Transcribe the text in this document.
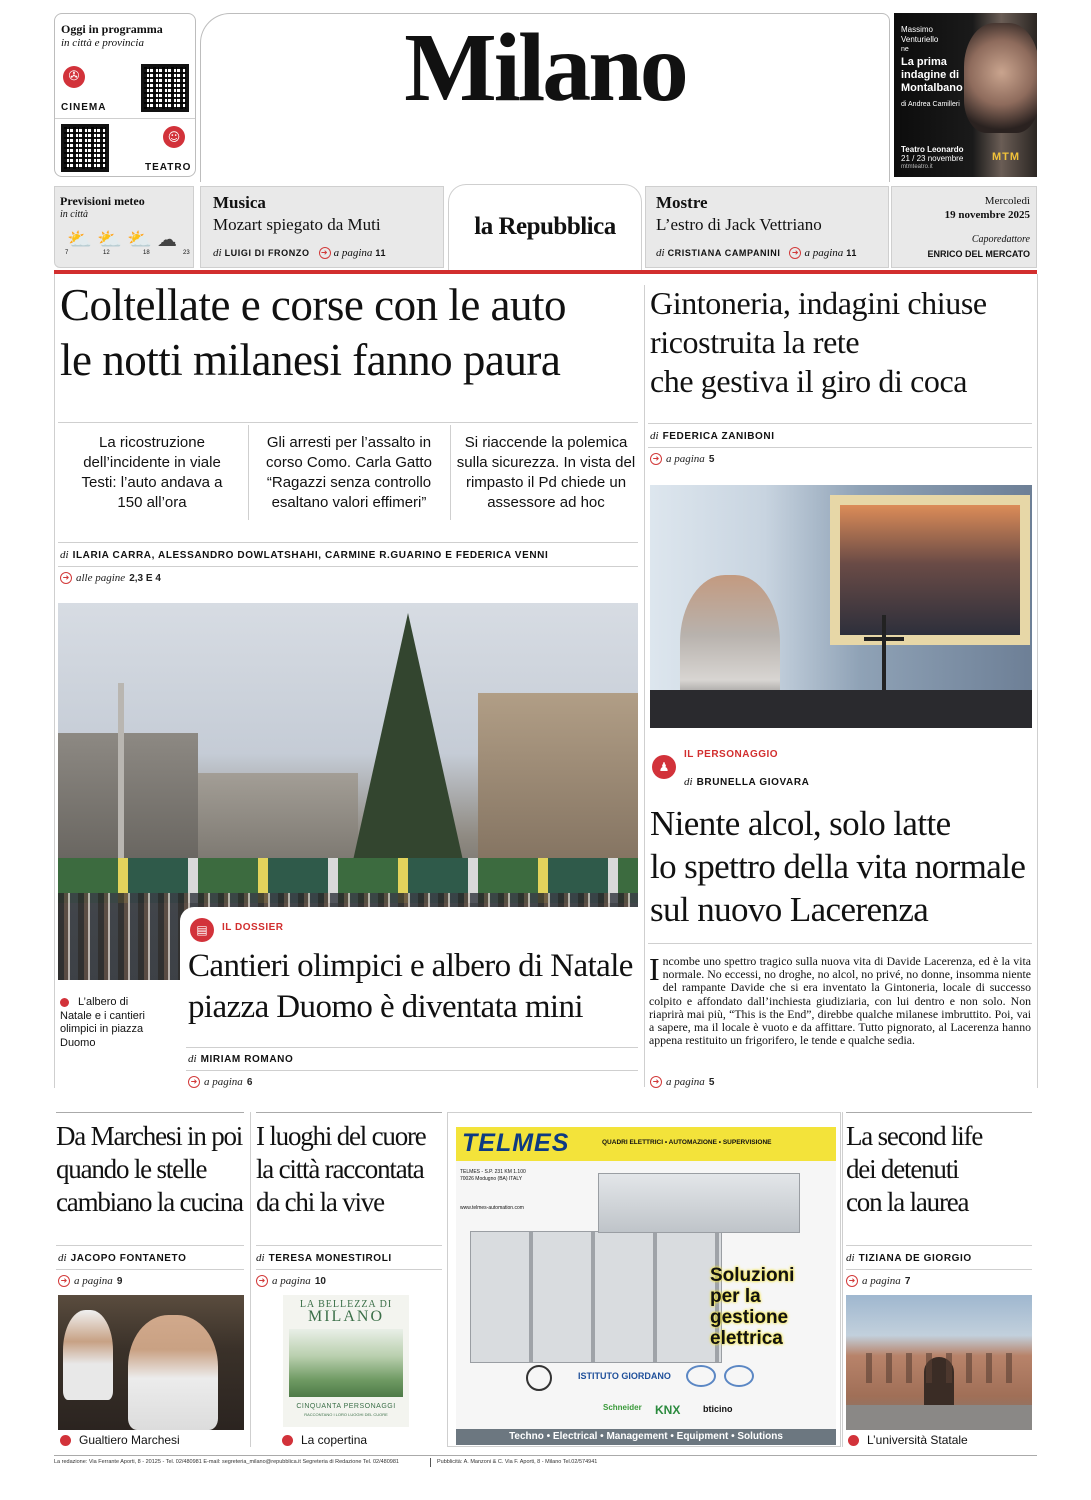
Oggi in programma
in città e provincia
✇
CINEMA
☺
TEATRO
Milano	Massimo Venturiello
ne
La prima indagine di Montalbano
di Andrea Camilleri
Teatro Leonardo
21 / 23 novembre
mtmteatro.it
MTM
Previsioni meteo
in città
⛅ ⛅ ⛅ ☁
7	12	18	23
Musica
Mozart spiegato da Muti
di LUIGI DI FRONZO ➜ a pagina 11
la Repubblica
Mostre
L’estro di Jack Vettriano
di CRISTIANA CAMPANINI ➜ a pagina 11
Mercoledì
19 novembre 2025
Caporedattore
ENRICO DEL MERCATO
Coltellate e corse con le auto
le notti milanesi fanno paura
La ricostruzione dell’incidente in viale Testi: l’auto andava a 150 all’ora
Gli arresti per l’assalto in corso Como. Carla Gatto “Ragazzi senza controllo esaltano valori effimeri”
Si riaccende la polemica sulla sicurezza. In vista del rimpasto il Pd chiede un assessore ad hoc
di ILARIA CARRA, ALESSANDRO DOWLATSHAHI, CARMINE R.GUARINO E FEDERICA VENNI
➜ alle pagine 2,3 E 4
▤	IL DOSSIER
Cantieri olimpici e albero di Natale
piazza Duomo è diventata mini
L’albero di Natale e i cantieri olimpici in piazza Duomo
di MIRIAM ROMANO
➜ a pagina 6
Gintoneria, indagini chiuse
ricostruita la rete
che gestiva il giro di coca
di FEDERICA ZANIBONI
➜ a pagina 5
♟
IL PERSONAGGIO
di BRUNELLA GIOVARA
Niente alcol, solo latte
lo spettro della vita normale
sul nuovo Lacerenza
Incombe uno spettro tragico sulla nuova vita di Davide Lacerenza, ed è la vita normale. No eccessi, no droghe, no alcol, no privé, no donne, insomma niente del rampante Davide che si era inventato la Gintoneria, locale di successo colpito e affondato dall’inchiesta giudiziaria, con lui dentro e non solo. Non riaprirà mai più, “This is the End”, direbbe qualche milanese imbruttito. Poi, vai a sapere, ma il locale è vuoto e da affittare. Tutto pignorato, al Lacerenza hanno appena restituito un frigorifero, le tende e qualche sedia.
➜ a pagina 5
Da Marchesi in poi
quando le stelle
cambiano la cucina
di JACOPO FONTANETO
➜ a pagina 9
Gualtiero Marchesi
I luoghi del cuore
la città raccontata
da chi la vive
di TERESA MONESTIROLI
➜ a pagina 10
LA BELLEZZA DI
MILANO
CINQUANTA PERSONAGGI
RACCONTANO I LORO LUOGHI DEL CUORE
La copertina
TELMES	QUADRI ELETTRICI • AUTOMAZIONE • SUPERVISIONE
TELMES - S.P. 231 KM 1.100
70026 Modugno (BA) ITALY
www.telmes-automation.com
Soluzioni
per la
gestione
elettrica
ISTITUTO GIORDANO
Schneider KNX	bticino
Techno • Electrical • Management • Equipment • Solutions
La second life
dei detenuti
con la laurea
di TIZIANA DE GIORGIO
➜ a pagina 7
L’università Statale
La redazione: Via Ferrante Aporti, 8 - 20125 - Tel. 02/480981 E-mail: segreteria_milano@repubblica.it Segreteria di Redazione Tel. 02/480981	Pubblicità: A. Manzoni & C. Via F. Aporti, 8 - Milano Tel.02/574941
